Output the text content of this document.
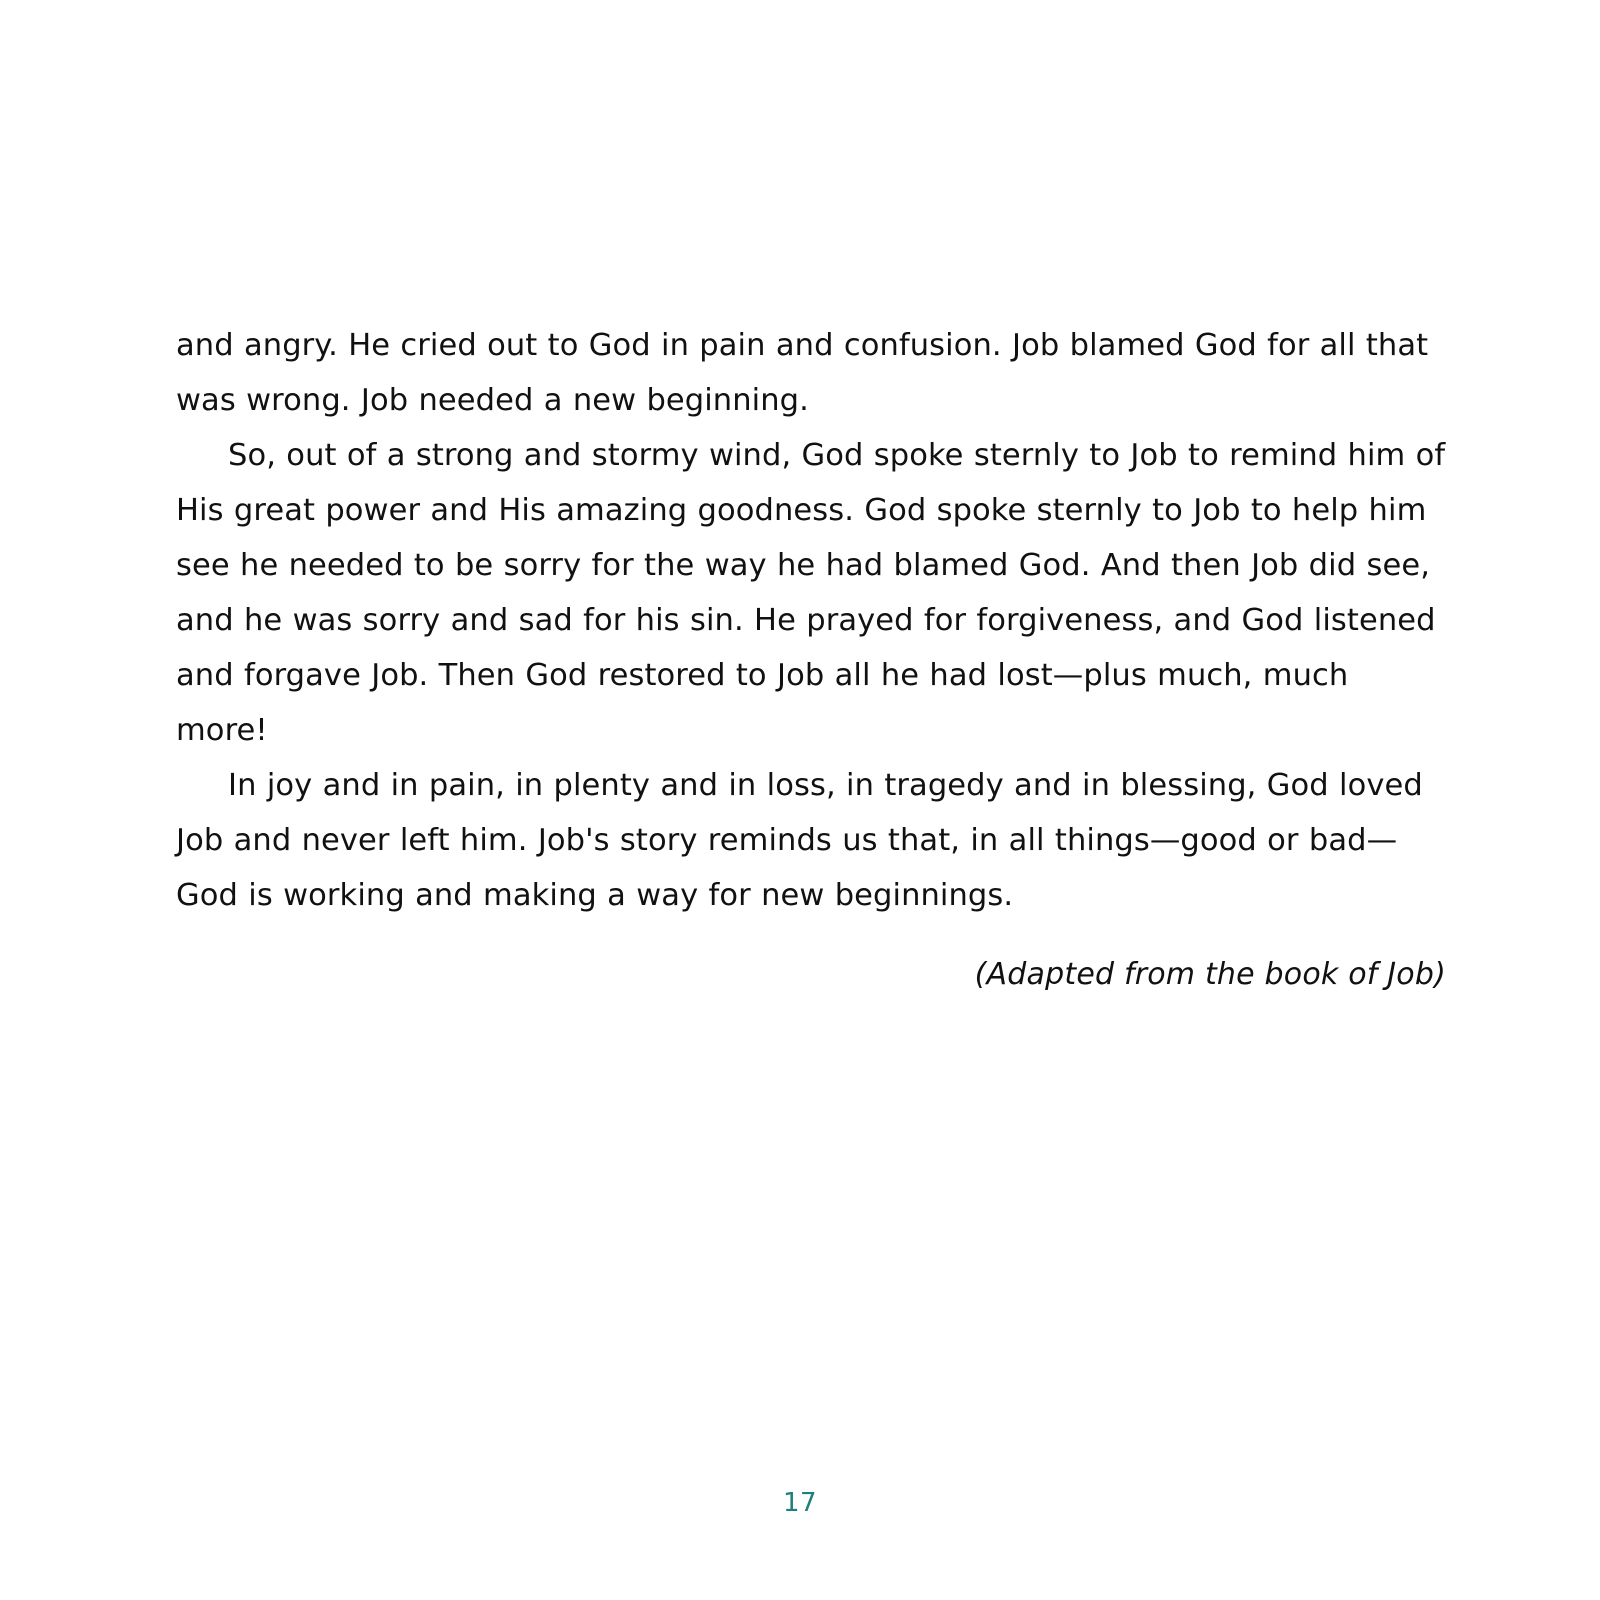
and angry. He cried out to God in pain and confusion. Job blamed God for all that was wrong. Job needed a new beginning.

So, out of a strong and stormy wind, God spoke sternly to Job to remind him of His great power and His amazing goodness. God spoke sternly to Job to help him see he needed to be sorry for the way he had blamed God. And then Job did see, and he was sorry and sad for his sin. He prayed for forgiveness, and God listened and forgave Job. Then God restored to Job all he had lost—plus much, much more!

In joy and in pain, in plenty and in loss, in tragedy and in blessing, God loved Job and never left him. Job's story reminds us that, in all things—good or bad—God is working and making a way for new beginnings.

(Adapted from the book of Job)

17
